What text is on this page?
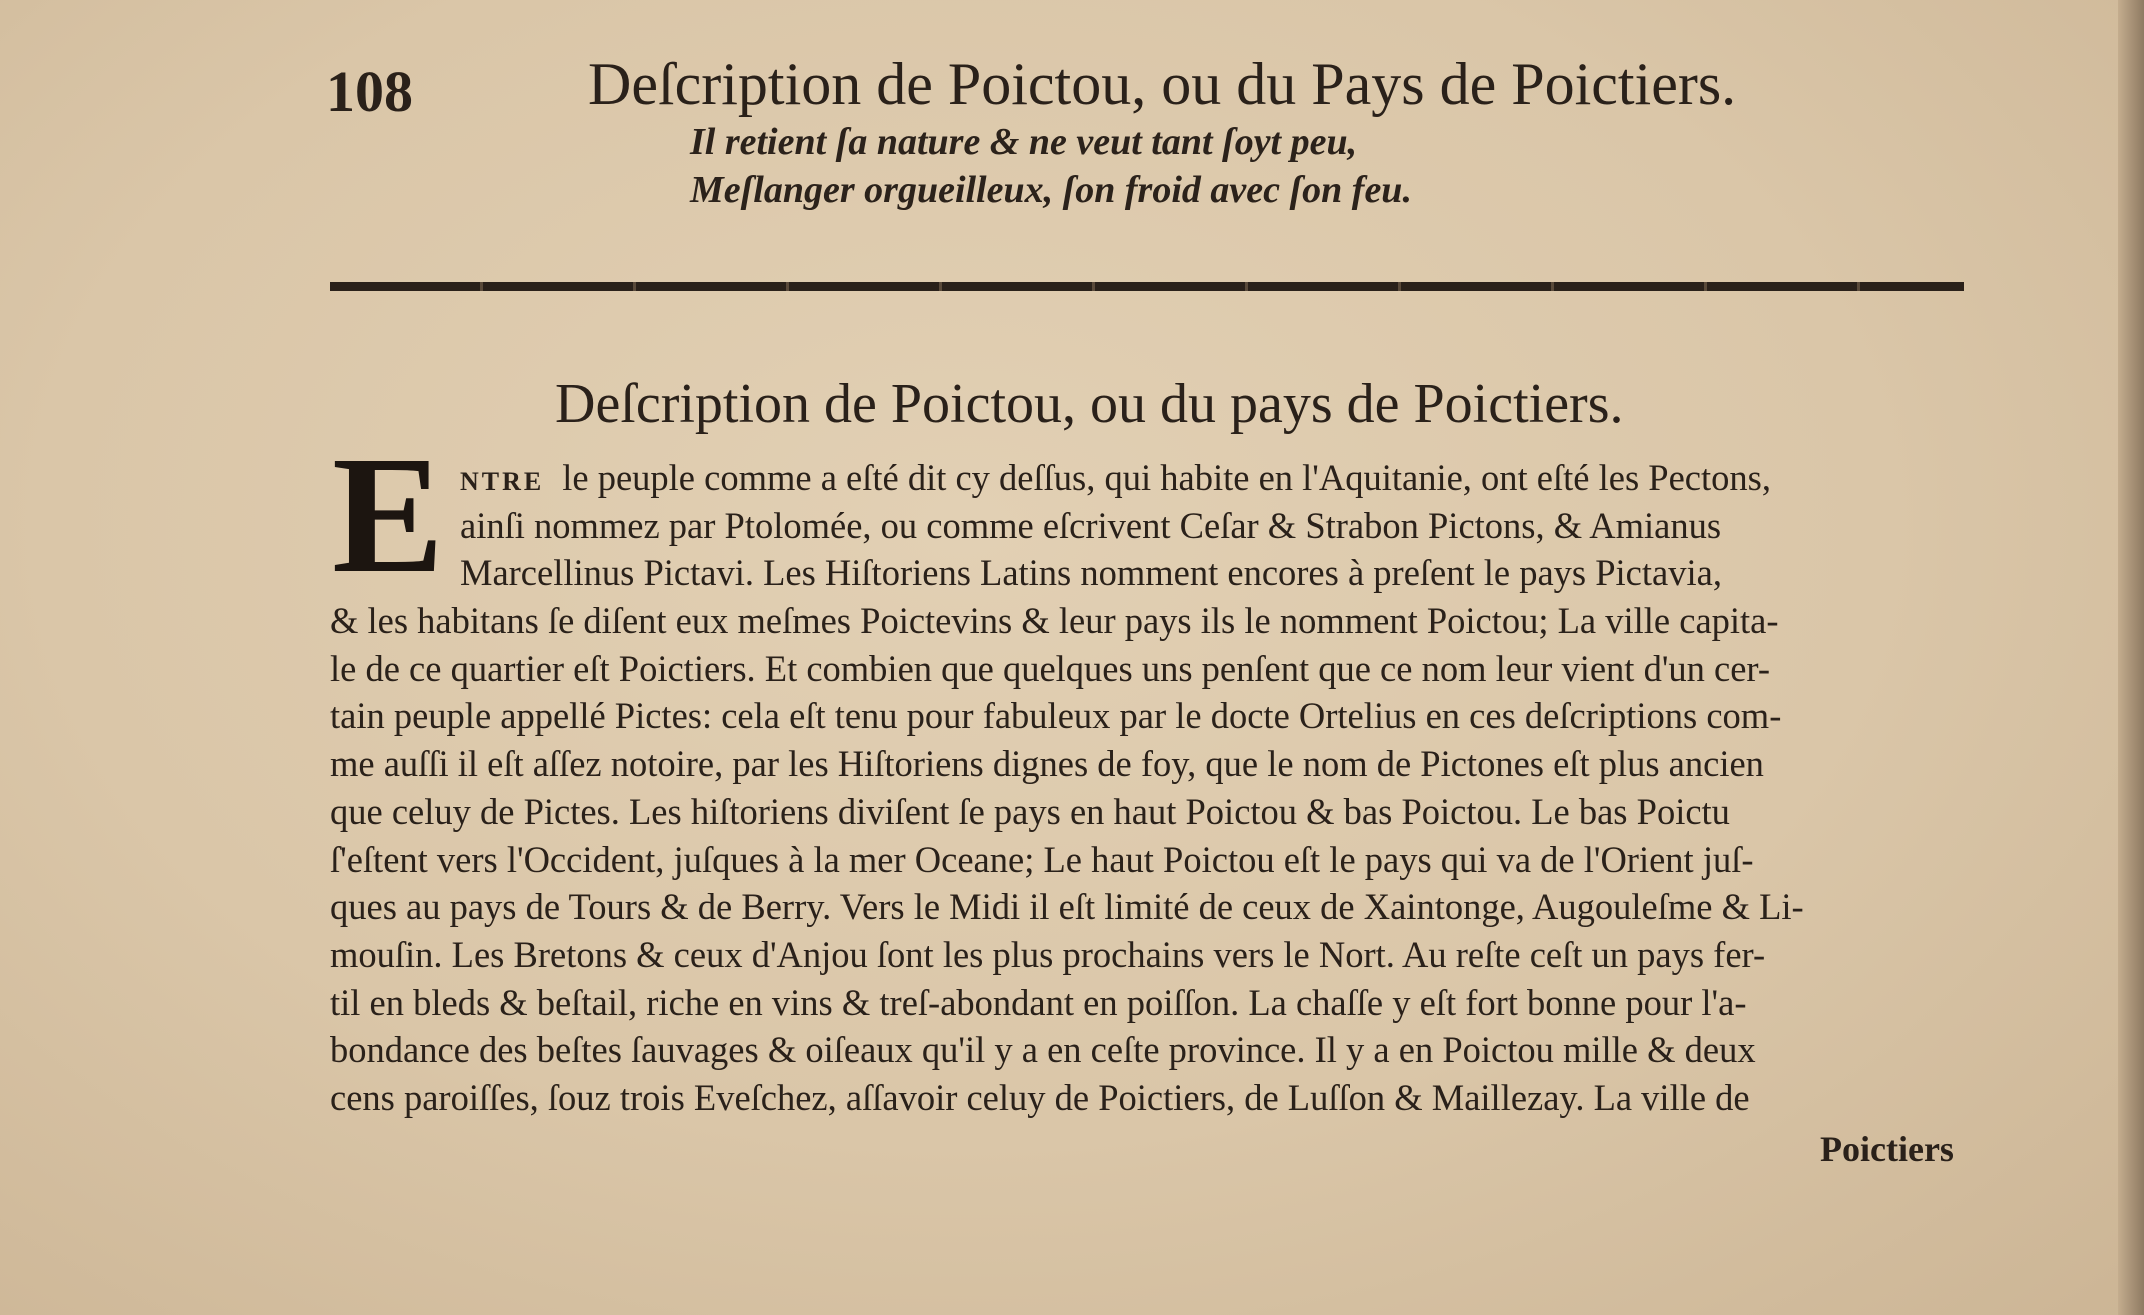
108	Deſcription de Poictou, ou du Pays de Poictiers.
Il retient ſa nature & ne veut tant ſoyt peu,
Meſlanger orgueilleux, ſon froid avec ſon feu.
Deſcription de Poictou, ou du pays de Poictiers.
E NTRE le peuple comme a eſté dit cy deſſus, qui habite en l'Aquitanie, ont eſté les Pectons,
ainſi nommez par Ptolomée, ou comme eſcrive͏nt Ceſar & Strabon Pictons, & Amianus
Marcellinus Pictavi. Les Hiſtoriens Latins nomment encores à preſent le pays Pictavia,
& les habitans ſe diſent eux meſmes Poictevins & leur pays ils le nomment Poictou; La ville capita-
le de ce quartier eſt Poictiers. Et combien que quelques uns penſent que ce nom leur vient d'un cer-
tain peuple appellé Pictes: cela eſt tenu pour fabuleux par le docte Ortelius en ces deſcriptions com-
me auſſi il eſt aſſez notoire, par les Hiſtoriens dignes de foy, que le nom de Pictones eſt plus ancien
que celuy de Pictes. Les hiſtoriens diviſent ſe pays en haut Poictou & bas Poictou. Le bas Poictu
ſ'eſtent vers l'Occident, juſques à la mer Oceane; Le haut Poictou eſt le pays qui va de l'Orient juſ-
ques au pays de Tours & de Berry. Vers le Midi il eſt limité de ceux de Xaintonge, Augouleſme & Li-
mouſin. Les Bretons & ceux d'Anjou ſont les plus prochains vers le Nort. Au reſte ceſt un pays fer-
til en bleds & beſtail, riche en vins & treſ-abondant en poiſſon. La chaſſe y eſt fort bonne pour l'a-
bondance des beſtes ſauvages & oiſeaux qu'il y a en ceſte province. Il y a en Poictou mille & deux
cens paroiſſes, ſouz trois Eveſchez, aſſavoir celuy de Poictiers, de Luſſon & Maillezay. La ville de
Poictiers
